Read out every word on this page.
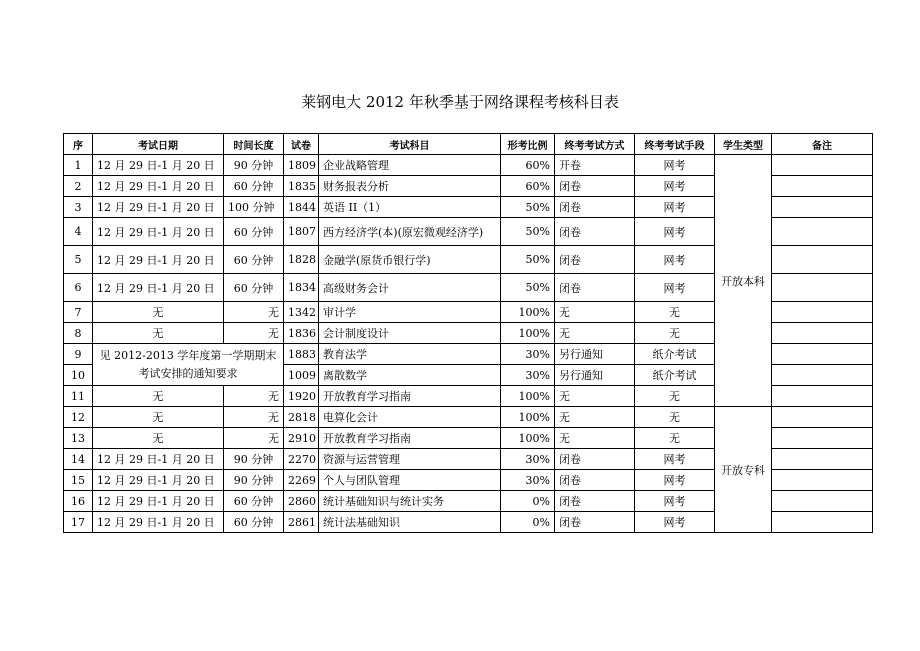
莱钢电大 2012 年秋季基于网络课程考核科目表
序	考试日期	时间长度	试卷	考试科目	形考比例	终考考试方式	终考考试手段	学生类型	备注
1	12 月 29 日-1 月 20 日	90 分钟	1809	企业战略管理	60%	开卷	网考	开放本科	
2	12 月 29 日-1 月 20 日	60 分钟	1835	财务报表分析	60%	闭卷	网考		
3	12 月 29 日-1 月 20 日	100 分钟	1844	英语 II（1）	50%	闭卷	网考		
4	12 月 29 日-1 月 20 日	60 分钟	1807	西方经济学(本)(原宏微观经济学)	50%	闭卷	网考		
5	12 月 29 日-1 月 20 日	60 分钟	1828	金融学(原货币银行学)	50%	闭卷	网考		
6	12 月 29 日-1 月 20 日	60 分钟	1834	高级财务会计	50%	闭卷	网考		
7	无	无	1342	审计学	100%	无	无		
8	无	无	1836	会计制度设计	100%	无	无		
9	见 2012-2013 学年度第一学期期末考试安排的通知要求		1883	教育法学	30%	另行通知	纸介考试		
10			1009	离散数学	30%	另行通知	纸介考试		
11	无	无	1920	开放教育学习指南	100%	无	无		
12	无	无	2818	电算化会计	100%	无	无	开放专科	
13	无	无	2910	开放教育学习指南	100%	无	无		
14	12 月 29 日-1 月 20 日	90 分钟	2270	资源与运营管理	30%	闭卷	网考		
15	12 月 29 日-1 月 20 日	90 分钟	2269	个人与团队管理	30%	闭卷	网考		
16	12 月 29 日-1 月 20 日	60 分钟	2860	统计基础知识与统计实务	0%	闭卷	网考		
17	12 月 29 日-1 月 20 日	60 分钟	2861	统计法基础知识	0%	闭卷	网考		
